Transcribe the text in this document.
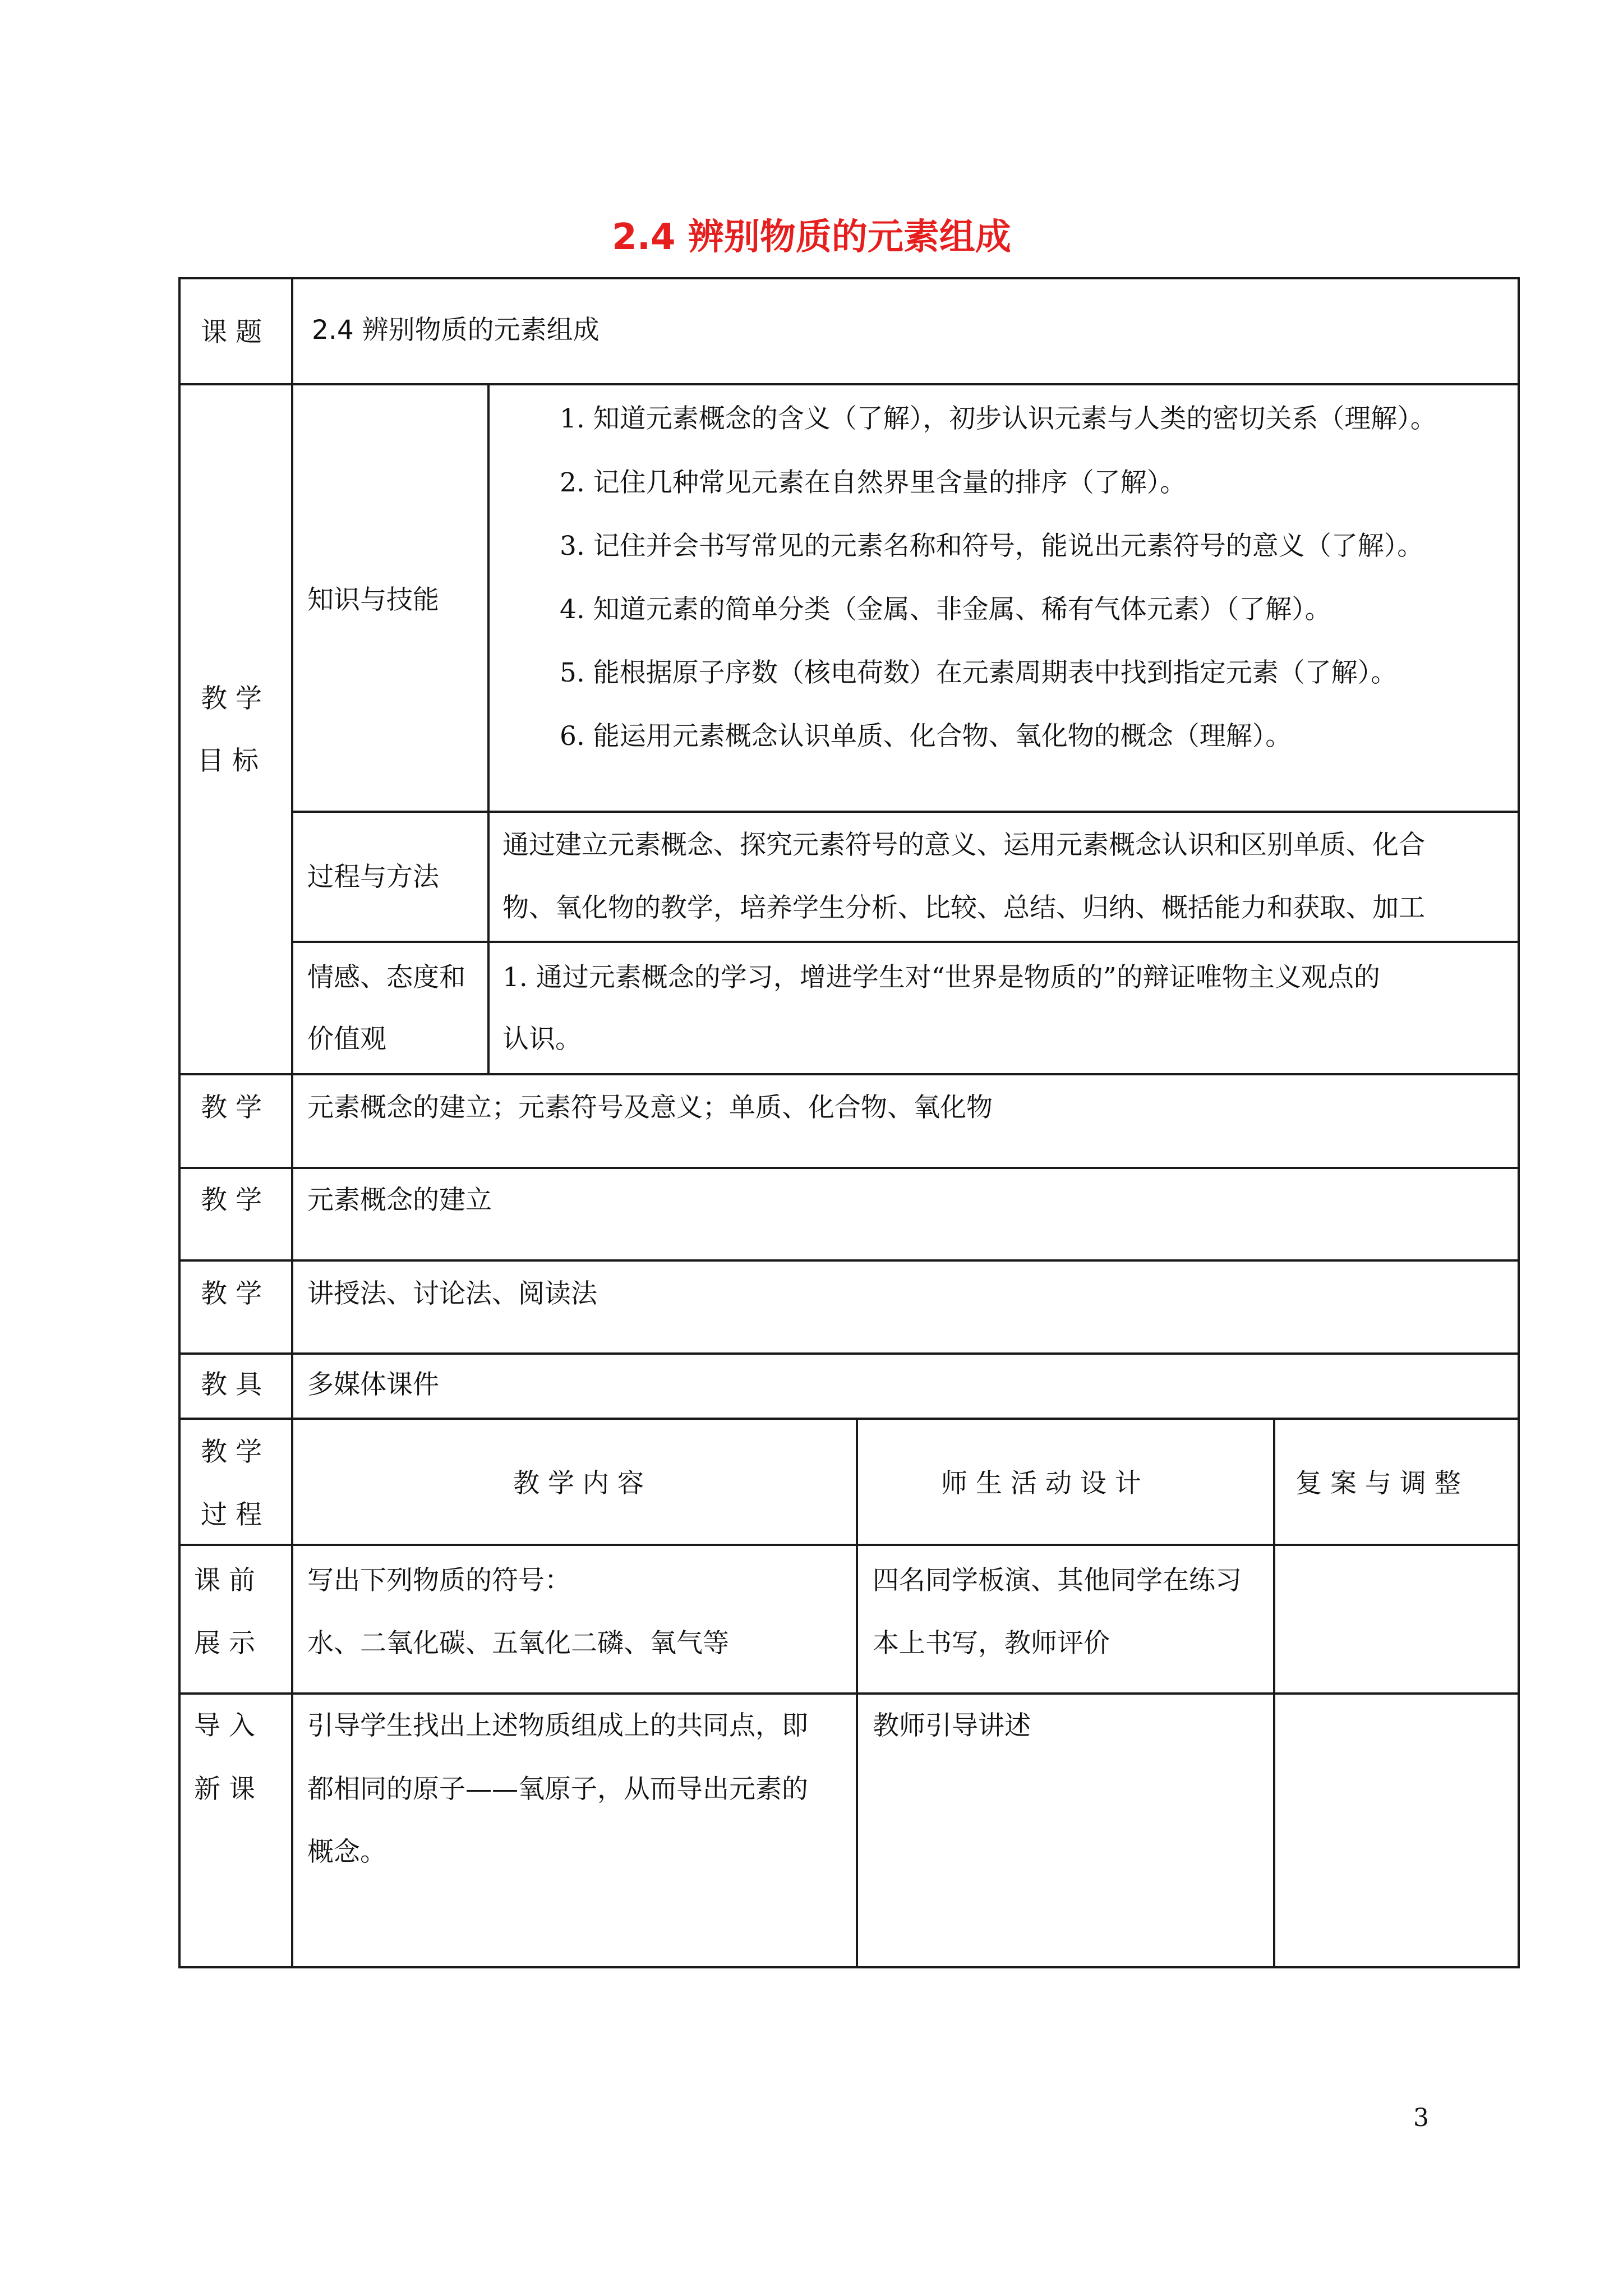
2.4 辨别物质的元素组成
课 题 2.4 辨别物质的元素组成
教 学
目 标
知识与技能
1. 知道元素概念的含义（了解），初步认识元素与人类的密切关系（理解）。
2. 记住几种常见元素在自然界里含量的排序（了解）。
3. 记住并会书写常见的元素名称和符号，能说出元素符号的意义（了解）。
4. 知道元素的简单分类（金属、非金属、稀有气体元素）（了解）。
5. 能根据原子序数（核电荷数）在元素周期表中找到指定元素（了解）。
6. 能运用元素概念认识单质、化合物、氧化物的概念（理解）。
过程与方法
通过建立元素概念、探究元素符号的意义、运用元素概念认识和区别单质、化合
物、氧化物的教学，培养学生分析、比较、总结、归纳、概括能力和获取、加工
情感、态度和
价值观
1. 通过元素概念的学习，增进学生对“世界是物质的”的辩证唯物主义观点的
认识。
教 学 元素概念的建立；元素符号及意义；单质、化合物、氧化物
教 学 元素概念的建立
教 学 讲授法、讨论法、阅读法
教 具 多媒体课件
教 学
过 程
教 学 内 容	师 生 活 动 设 计	复 案 与 调 整
课 前
展 示
写出下列物质的符号：
水、二氧化碳、五氧化二磷、氧气等
四名同学板演、其他同学在练习
本上书写，教师评价
导 入
新 课
引导学生找出上述物质组成上的共同点，即
都相同的原子——氧原子，从而导出元素的
概念。
教师引导讲述
3
